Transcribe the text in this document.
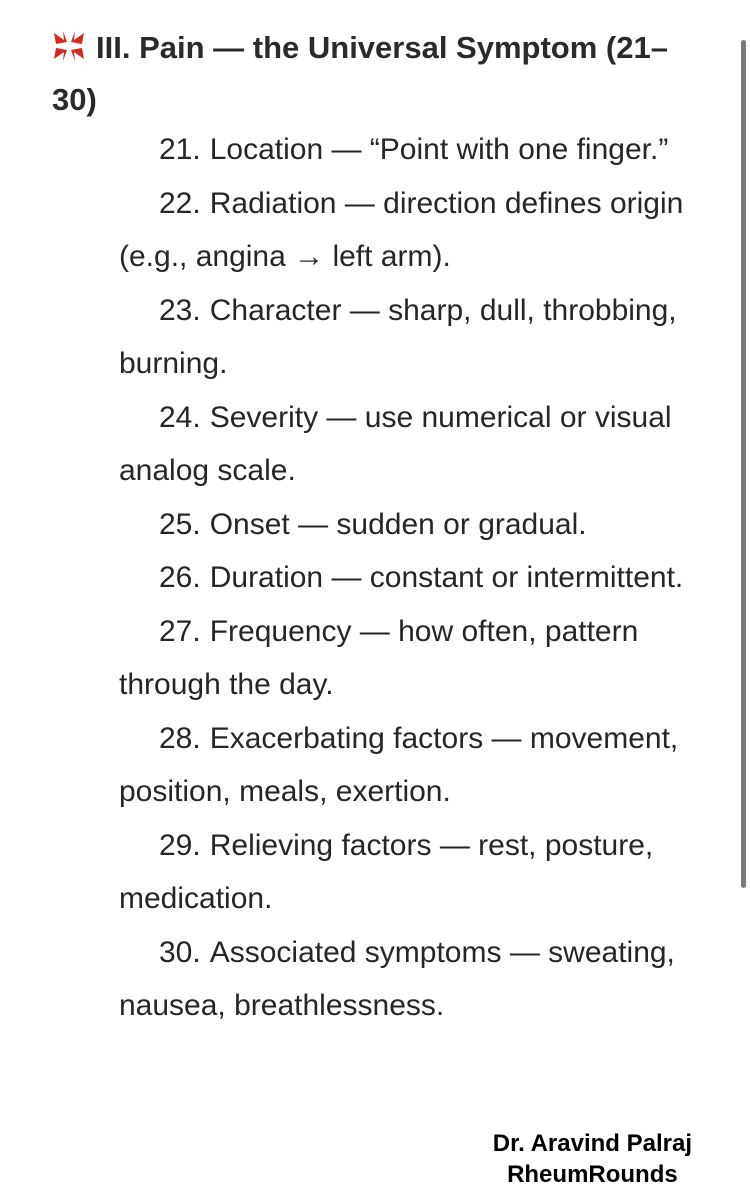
III. Pain — the Universal Symptom (21–30)
21. Location — “Point with one finger.”
22. Radiation — direction defines origin (e.g., angina → left arm).
23. Character — sharp, dull, throbbing, burning.
24. Severity — use numerical or visual analog scale.
25. Onset — sudden or gradual.
26. Duration — constant or intermittent.
27. Frequency — how often, pattern through the day.
28. Exacerbating factors — movement, position, meals, exertion.
29. Relieving factors — rest, posture, medication.
30. Associated symptoms — sweating, nausea, breathlessness.
Dr. Aravind Palraj
RheumRounds
